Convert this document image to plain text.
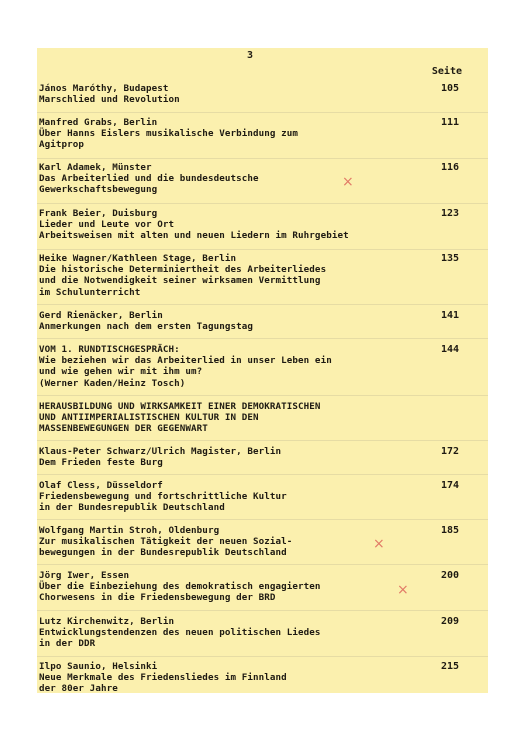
3
Seite
János Maróthy, Budapest
Marschlied und Revolution
105
Manfred Grabs, Berlin
Über Hanns Eislers musikalische Verbindung zum
Agitprop
111
Karl Adamek, Münster
Das Arbeiterlied und die bundesdeutsche
Gewerkschaftsbewegung
116
Frank Beier, Duisburg
Lieder und Leute vor Ort
Arbeitsweisen mit alten und neuen Liedern im Ruhrgebiet
123
Heike Wagner/Kathleen Stage, Berlin
Die historische Determiniertheit des Arbeiterliedes
und die Notwendigkeit seiner wirksamen Vermittlung
im Schulunterricht
135
Gerd Rienäcker, Berlin
Anmerkungen nach dem ersten Tagungstag
141
VOM 1. RUNDTISCHGESPRÄCH:
Wie beziehen wir das Arbeiterlied in unser Leben ein
und wie gehen wir mit ihm um?
(Werner Kaden/Heinz Tosch)
144
HERAUSBILDUNG UND WIRKSAMKEIT EINER DEMOKRATISCHEN
UND ANTIIMPERIALISTISCHEN KULTUR IN DEN
MASSENBEWEGUNGEN DER GEGENWART
Klaus-Peter Schwarz/Ulrich Magister, Berlin
Dem Frieden feste Burg
172
Olaf Cless, Düsseldorf
Friedensbewegung und fortschrittliche Kultur
in der Bundesrepublik Deutschland
174
Wolfgang Martin Stroh, Oldenburg
Zur musikalischen Tätigkeit der neuen Sozial-
bewegungen in der Bundesrepublik Deutschland
185
Jörg Iwer, Essen
Über die Einbeziehung des demokratisch engagierten
Chorwesens in die Friedensbewegung der BRD
200
Lutz Kirchenwitz, Berlin
Entwicklungstendenzen des neuen politischen Liedes
in der DDR
209
Ilpo Saunio, Helsinki
Neue Merkmale des Friedensliedes im Finnland
der 80er Jahre
215
×
×
×
